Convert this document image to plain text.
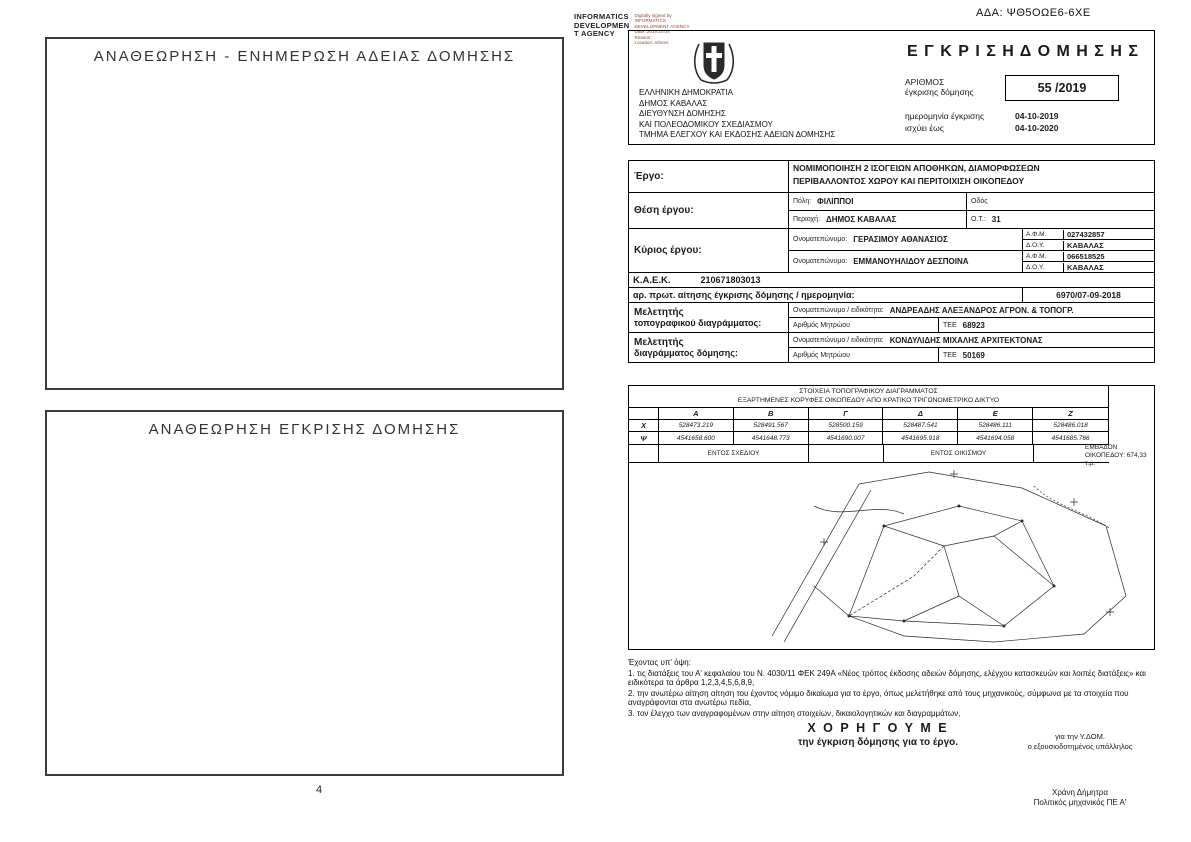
ΑΝΑΘΕΩΡΗΣΗ - ΕΝΗΜΕΡΩΣΗ ΑΔΕΙΑΣ ΔΟΜΗΣΗΣ
ΑΝΑΘΕΩΡΗΣΗ ΕΓΚΡΙΣΗΣ ΔΟΜΗΣΗΣ
4
ΑΔΑ: ΨΘ5ΟΩΕ6-6ΧΕ
INFORMATICS
DEVELOPMEN
T AGENCY
Digitally signed by
INFORMATICS
DEVELOPMENT AGENCY
Date: 2019.10.04
Reason:
Location: Athens
ΕΛΛΗΝΙΚΗ ΔΗΜΟΚΡΑΤΙΑ
ΔΗΜΟΣ ΚΑΒΑΛΑΣ
ΔΙΕΥΘΥΝΣΗ ΔΟΜΗΣΗΣ
ΚΑΙ ΠΟΛΕΟΔΟΜΙΚΟΥ ΣΧΕΔΙΑΣΜΟΥ
ΤΜΗΜΑ ΕΛΕΓΧΟΥ ΚΑΙ ΕΚΔΟΣΗΣ ΑΔΕΙΩΝ ΔΟΜΗΣΗΣ
Ε Γ Κ Ρ Ι Σ Η Δ Ο Μ Η Σ Η Σ
ΑΡΙΘΜΟΣ
έγκρισης δόμησης	55 /2019
ημερομηνία έγκρισης	04-10-2019
ισχύει έως	04-10-2020
Έργο:
ΝΟΜΙΜΟΠΟΙΗΣΗ 2 ΙΣΟΓΕΙΩΝ ΑΠΟΘΗΚΩΝ, ΔΙΑΜΟΡΦΩΣΕΩΝ
ΠΕΡΙΒΑΛΛΟΝΤΟΣ ΧΩΡΟΥ ΚΑΙ ΠΕΡΙΤΟΙΧΙΣΗ ΟΙΚΟΠΕΔΟΥ
Θέση έργου:
Πόλη: ΦΙΛΙΠΠΟΙ	Οδός
Περιοχή: ΔΗΜΟΣ ΚΑΒΑΛΑΣ	Ο.Τ.: 31
Κύριος έργου:
Ονοματεπώνυμο: ΓΕΡΑΣΙΜΟΥ ΑΘΑΝΑΣΙΟΣ
Α.Φ.Μ.	027432857
Δ.Ο.Υ.	ΚΑΒΑΛΑΣ
Ονοματεπώνυμο: ΕΜΜΑΝΟΥΗΛΙΔΟΥ ΔΕΣΠΟΙΝΑ
Α.Φ.Μ.	066518525
Δ.Ο.Υ.	ΚΑΒΑΛΑΣ
Κ.Α.Ε.Κ.	210671803013
αρ. πρωτ. αίτησης έγκρισης δόμησης / ημερομηνία:	6970/07-09-2018
Μελετητής
τοπογραφικού διαγράμματος:
Ονοματεπώνυμο / ειδικότητα: ΑΝΔΡΕΑΔΗΣ ΑΛΕΞΑΝΔΡΟΣ ΑΓΡΟΝ. & ΤΟΠΟΓΡ.
Αριθμός Μητρώου	ΤΕΕ 68923
Μελετητής
διαγράμματος δόμησης:
Ονοματεπώνυμο / ειδικότητα: ΚΟΝΔΥΛΙΔΗΣ ΜΙΧΑΛΗΣ ΑΡΧΙΤΕΚΤΟΝΑΣ
Αριθμός Μητρώου	ΤΕΕ 50169
ΣΤΟΙΧΕΙΑ ΤΟΠΟΓΡΑΦΙΚΟΥ ΔΙΑΓΡΑΜΜΑΤΟΣ
ΕΞΑΡΤΗΜΕΝΕΣ ΚΟΡΥΦΕΣ ΟΙΚΟΠΕΔΟΥ ΑΠΟ ΚΡΑΤΙΚΟ ΤΡΙΓΩΝΟΜΕΤΡΙΚΟ ΔΙΚΤΥΟ
Α	Β	Γ	Δ	Ε	Ζ
Χ	528473.219	528491.567	528500.159	528487.541	528486.111	528486.018
Ψ	4541658.600	4541648.773	4541690.007	4541695.918	4541694.058	4541685.766
ΕΝΤΟΣ ΣΧΕΔΙΟΥ	ΕΝΤΟΣ ΟΙΚΙΣΜΟΥ
ΕΜΒΑΔΟΝ ΟΙΚΟΠΕΔΟΥ: 674,33
τ.μ.
Έχοντας υπ' όψη:
1. τις διατάξεις του Α' κεφαλαίου του Ν. 4030/11 ΦΕΚ 249Α «Νέος τρόπος έκδοσης αδειών δόμησης, ελέγχου κατασκευών και λοιπές διατάξεις» και ειδικότερα τα άρθρα 1,2,3,4,5,6,8,9,
2. την ανωτέρω αίτηση αίτηση του έχοντος νόμιμο δικαίωμα για το έργο, όπως μελετήθηκε από τους μηχανικούς, σύμφωνα με τα στοιχεία που αναγράφονται στα ανωτέρω πεδία,
3. τον έλεγχο των αναγραφομένων στην αίτηση στοιχείων, δικαιολογητικών και διαγραμμάτων,
Χ Ο Ρ Η Γ Ο Υ Μ Ε
την έγκριση δόμησης για το έργο.
για την Υ.ΔΟΜ.
ο εξουσιοδοτημένος υπάλληλος
Χράνη Δήμητρα
Πολιτικός μηχανικός ΠΕ Α'
